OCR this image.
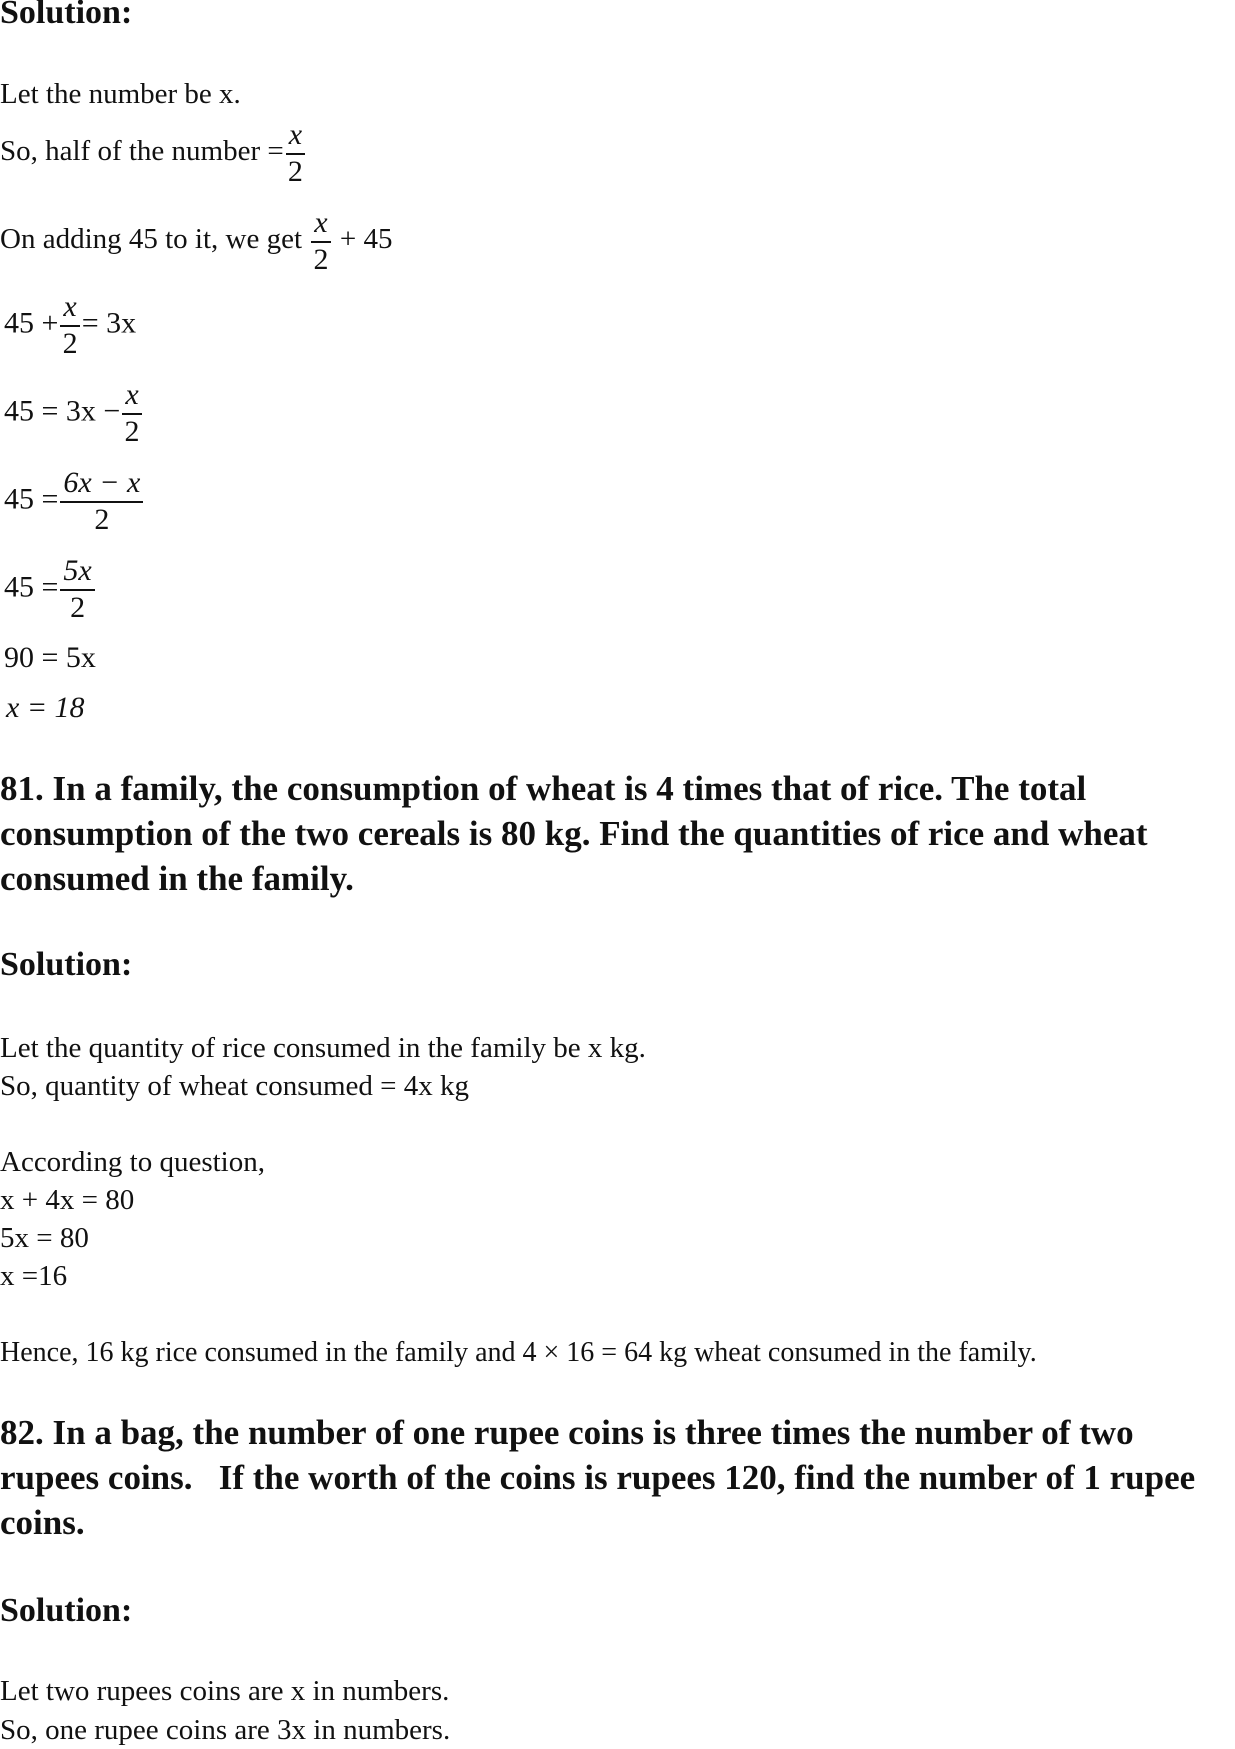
Solution:
Let the number be x.
So, half of the number = $\frac{x}{2}$
On adding 45 to it, we get $\frac{x}{2} + 45$
$45 + \frac{x}{2} = 3x$
$45 = 3x - \frac{x}{2}$
$45 = \frac{6x - x}{2}$
$45 = \frac{5x}{2}$
90 = 5x
x = 18
81. In a family, the consumption of wheat is 4 times that of rice. The total consumption of the two cereals is 80 kg. Find the quantities of rice and wheat consumed in the family.
Solution:
Let the quantity of rice consumed in the family be x kg.
So, quantity of wheat consumed = 4x kg
According to question,
x + 4x = 80
5x = 80
x =16
Hence, 16 kg rice consumed in the family and 4 × 16 = 64 kg wheat consumed in the family.
82. In a bag, the number of one rupee coins is three times the number of two rupees coins.   If the worth of the coins is rupees 120, find the number of 1 rupee coins.
Solution:
Let two rupees coins are x in numbers.
So, one rupee coins are 3x in numbers.
